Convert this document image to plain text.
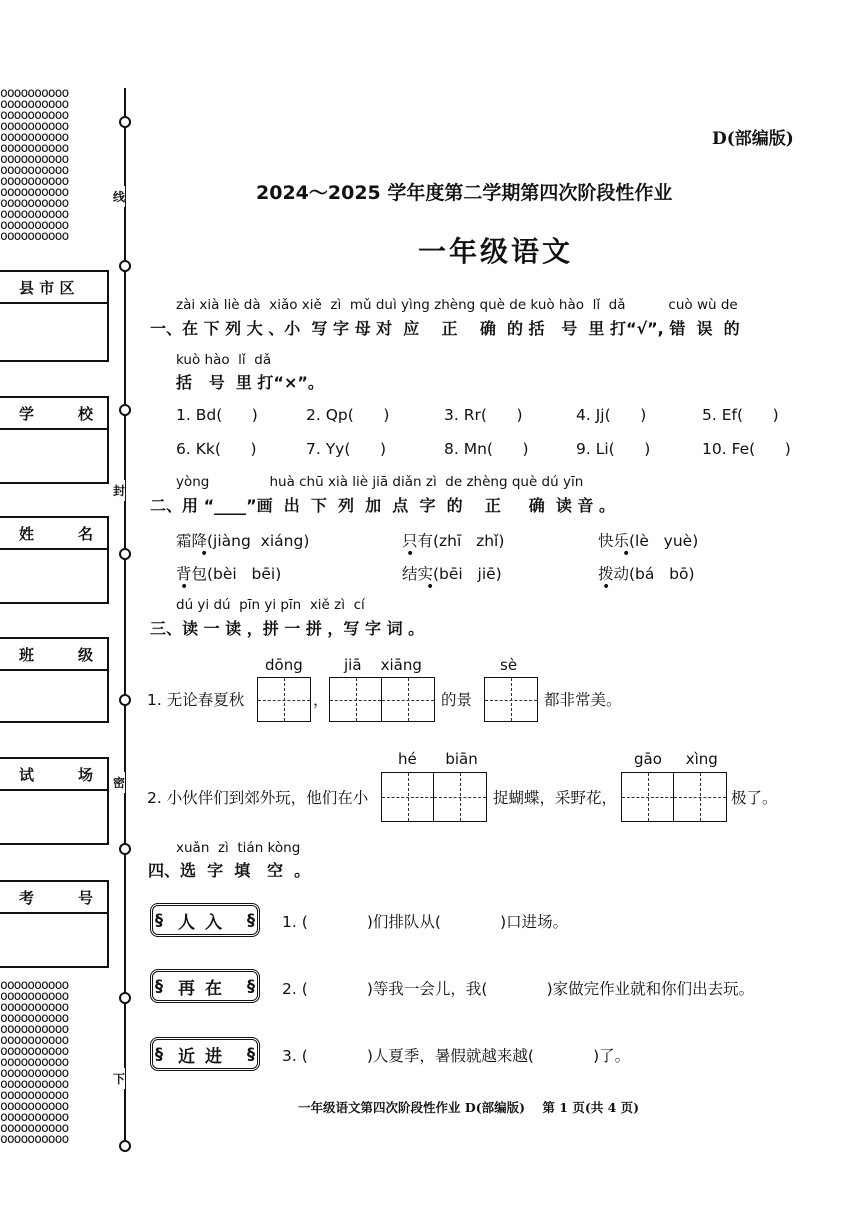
oooooooooo
oooooooooo
oooooooooo
oooooooooo
oooooooooo
oooooooooo
oooooooooo
oooooooooo
oooooooooo
oooooooooo
oooooooooo
oooooooooo
oooooooooo
oooooooooo
oooooooooo
oooooooooo
oooooooooo
oooooooooo
oooooooooo
oooooooooo
oooooooooo
oooooooooo
oooooooooo
oooooooooo
oooooooooo
oooooooooo
oooooooooo
oooooooooo
oooooooooo
县 市 区
学	校
姓	名
班	级
试	场
考	号
线
封
密
下
D(部编版)
2024～2025 学年度第二学期第四次阶段性作业
一年级语文
zài xià liè dà  xiǎo xiě  zì  mǔ duì yìng zhèng què de kuò hào  lǐ  dǎ          cuò wù de
一、在 下 列 大 、小  写 字 母 对  应    正    确  的 括   号  里 打“√”, 错  误  的
kuò hào  lǐ  dǎ
括   号  里 打“×”。
1. Bd(      )	2. Qp(      )	3. Rr(      )	4. Jj(      )	5. Ef(      )
6. Kk(      )	7. Yy(      )	8. Mn(      )	9. Li(      )	10. Fe(      )
yòng              huà chū xià liè jiā diǎn zì  de zhèng què dú yīn
二、用 “____”画  出  下  列  加  点  字  的    正     确  读 音 。
霜降(jiàng  xiáng)	只有(zhī   zhǐ)	快乐(lè   yuè)
背包(bèi   bēi)	结实(bēi   jiē)	拨动(bá   bō)
•	•	•
•	•	•
dú yi dú  pīn yi pīn  xiě zì  cí
三、读 一 读 ，拼 一 拼 ，写 字 词 。
dōng	jiā    xiāng	sè
1. 无论春夏秋	，	的景	都非常美。
hé      biān	gāo     xìng
2. 小伙伴们到郊外玩，他们在小	捉蝴蝶，采野花，	极了。
xuǎn  zì  tián kòng
四、选  字  填   空  。
§ 人入 §	1. (            )们排队从(            )口进场。
§ 再在 §	2. (            )等我一会儿，我(            )家做完作业就和你们出去玩。
§ 近进 §	3. (            )人夏季，暑假就越来越(            )了。
一年级语文第四次阶段性作业 D(部编版)    第 1 页(共 4 页)
